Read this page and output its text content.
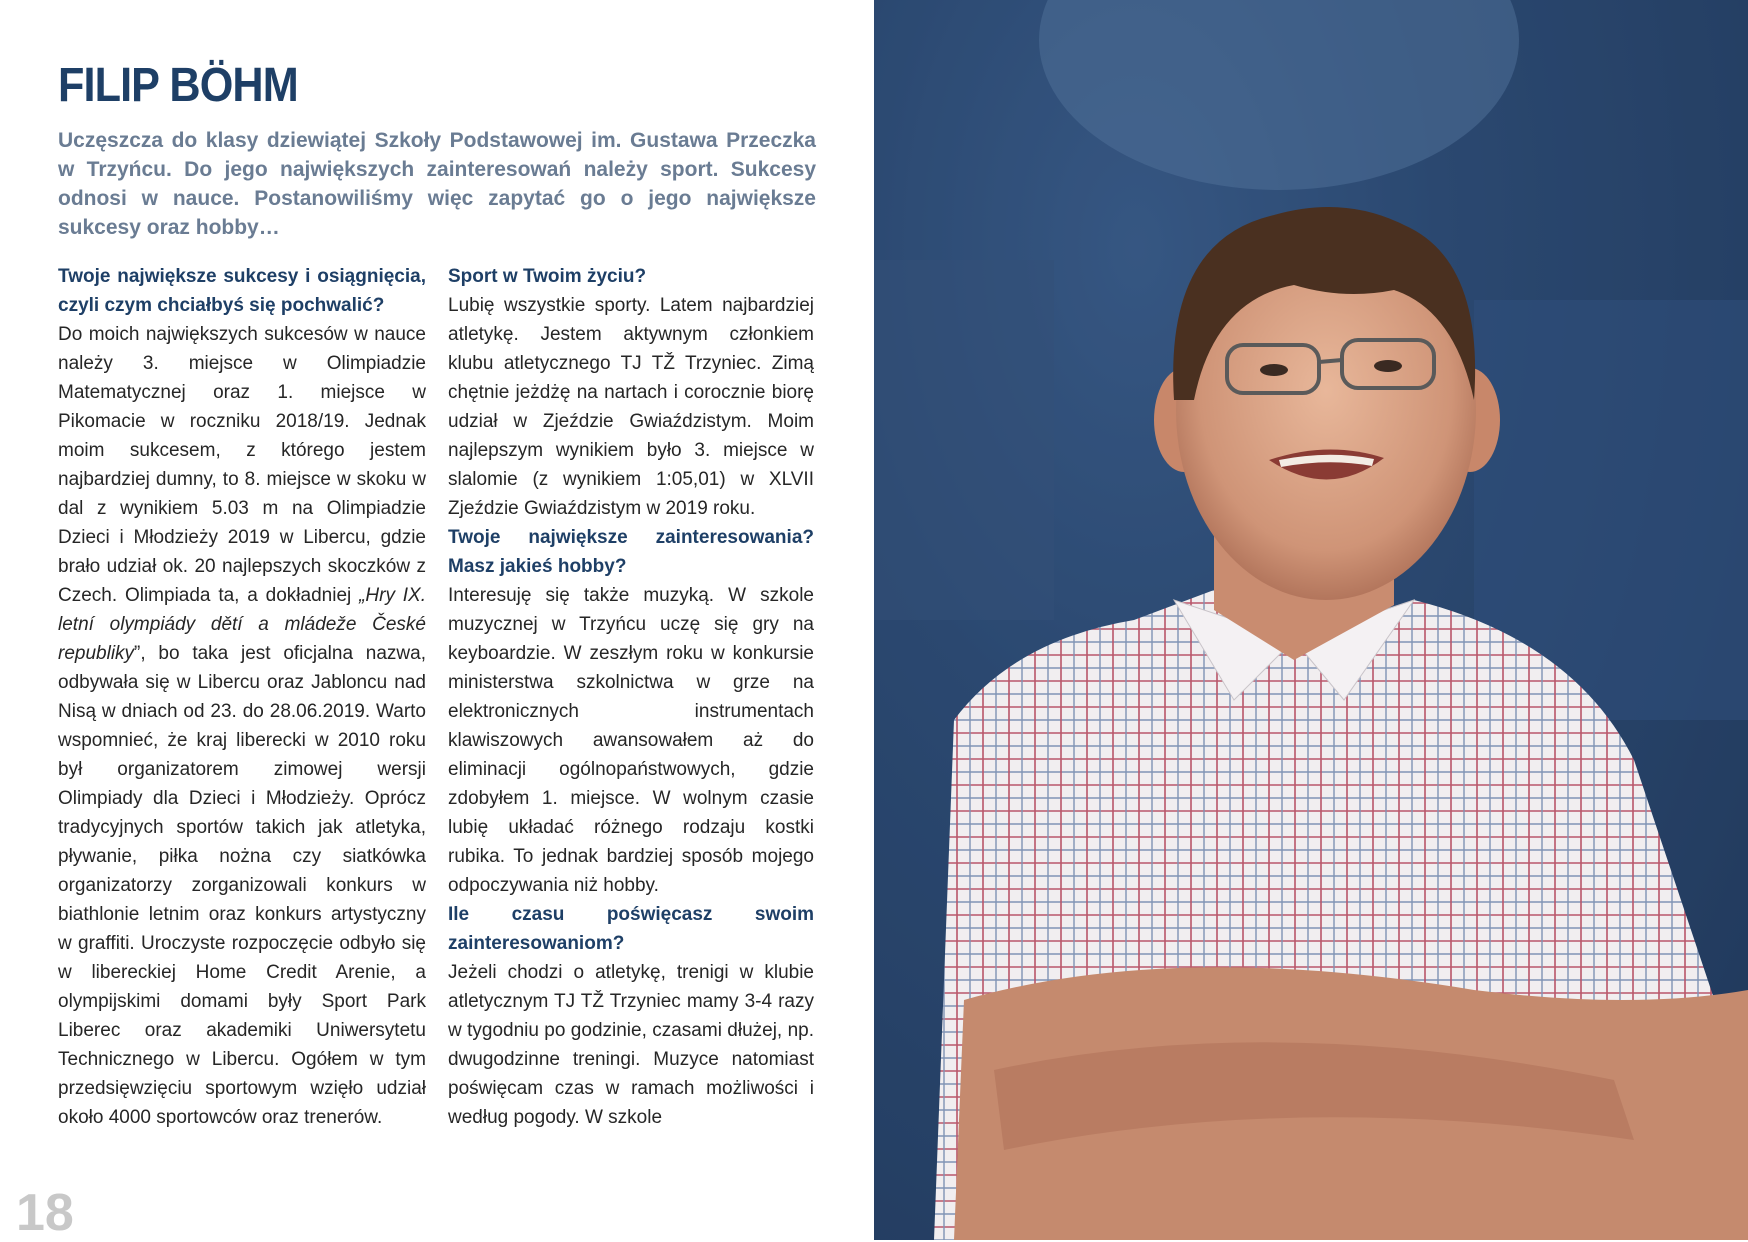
FILIP BÖHM

Uczęszcza do klasy dziewiątej Szkoły Podstawowej im. Gustawa Przeczka w Trzyńcu. Do jego największych zainteresowań należy sport. Sukcesy odnosi w nauce. Postanowiliśmy więc zapytać go o jego największe sukcesy oraz hobby…

Twoje największe sukcesy i osiągnięcia, czyli czym chciałbyś się pochwalić?

Do moich największych sukcesów w nauce należy 3. miejsce w Olimpiadzie Matematycznej oraz 1. miejsce w Pikomacie w roczniku 2018/19. Jednak moim sukcesem, z którego jestem najbardziej dumny, to 8. miejsce w skoku w dal z wynikiem 5.03 m na Olimpiadzie Dzieci i Młodzieży 2019 w Libercu, gdzie brało udział ok. 20 najlepszych skoczków z Czech. Olimpiada ta, a dokładniej „Hry IX. letní olympiády dětí a mládeže České republiky”, bo taka jest oficjalna nazwa, odbywała się w Libercu oraz Jabloncu nad Nisą w dniach od 23. do 28.06.2019. Warto wspomnieć, że kraj liberecki w 2010 roku był organizatorem zimowej wersji Olimpiady dla Dzieci i Młodzieży. Oprócz tradycyjnych sportów takich jak atletyka, pływanie, piłka nożna czy siatkówka organizatorzy zorganizowali konkurs w biathlonie letnim oraz konkurs artystyczny w graffiti. Uroczyste rozpoczęcie odbyło się w libereckiej Home Credit Arenie, a olympijskimi domami były Sport Park Liberec oraz akademiki Uniwersytetu Technicznego w Libercu. Ogółem w tym przedsięwzięciu sportowym wzięło udział około 4000 sportowców oraz trenerów.

Sport w Twoim życiu?

Lubię wszystkie sporty. Latem najbardziej atletykę. Jestem aktywnym członkiem klubu atletycznego TJ TŽ Trzyniec. Zimą chętnie jeżdżę na nartach i corocznie biorę udział w Zjeździe Gwiaździstym. Moim najlepszym wynikiem było 3. miejsce w slalomie (z wynikiem 1:05,01) w XLVII Zjeździe Gwiaździstym w 2019 roku.

Twoje największe zainteresowania? Masz jakieś hobby?

Interesuję się także muzyką. W szkole muzycznej w Trzyńcu uczę się gry na keyboardzie. W zeszłym roku w konkursie ministerstwa szkolnictwa w grze na elektronicznych instrumentach klawiszowych awansowałem aż do eliminacji ogólnopaństwowych, gdzie zdobyłem 1. miejsce. W wolnym czasie lubię układać różnego rodzaju kostki rubika. To jednak bardziej sposób mojego odpoczywania niż hobby.

Ile czasu poświęcasz swoim zainteresowaniom?

Jeżeli chodzi o atletykę, trenigi w klubie atletycznym TJ TŽ Trzyniec mamy 3-4 razy w tygodniu po godzinie, czasami dłużej, np. dwugodzinne treningi. Muzyce natomiast poświęcam czas w ramach możliwości i według pogody. W szkole

18
